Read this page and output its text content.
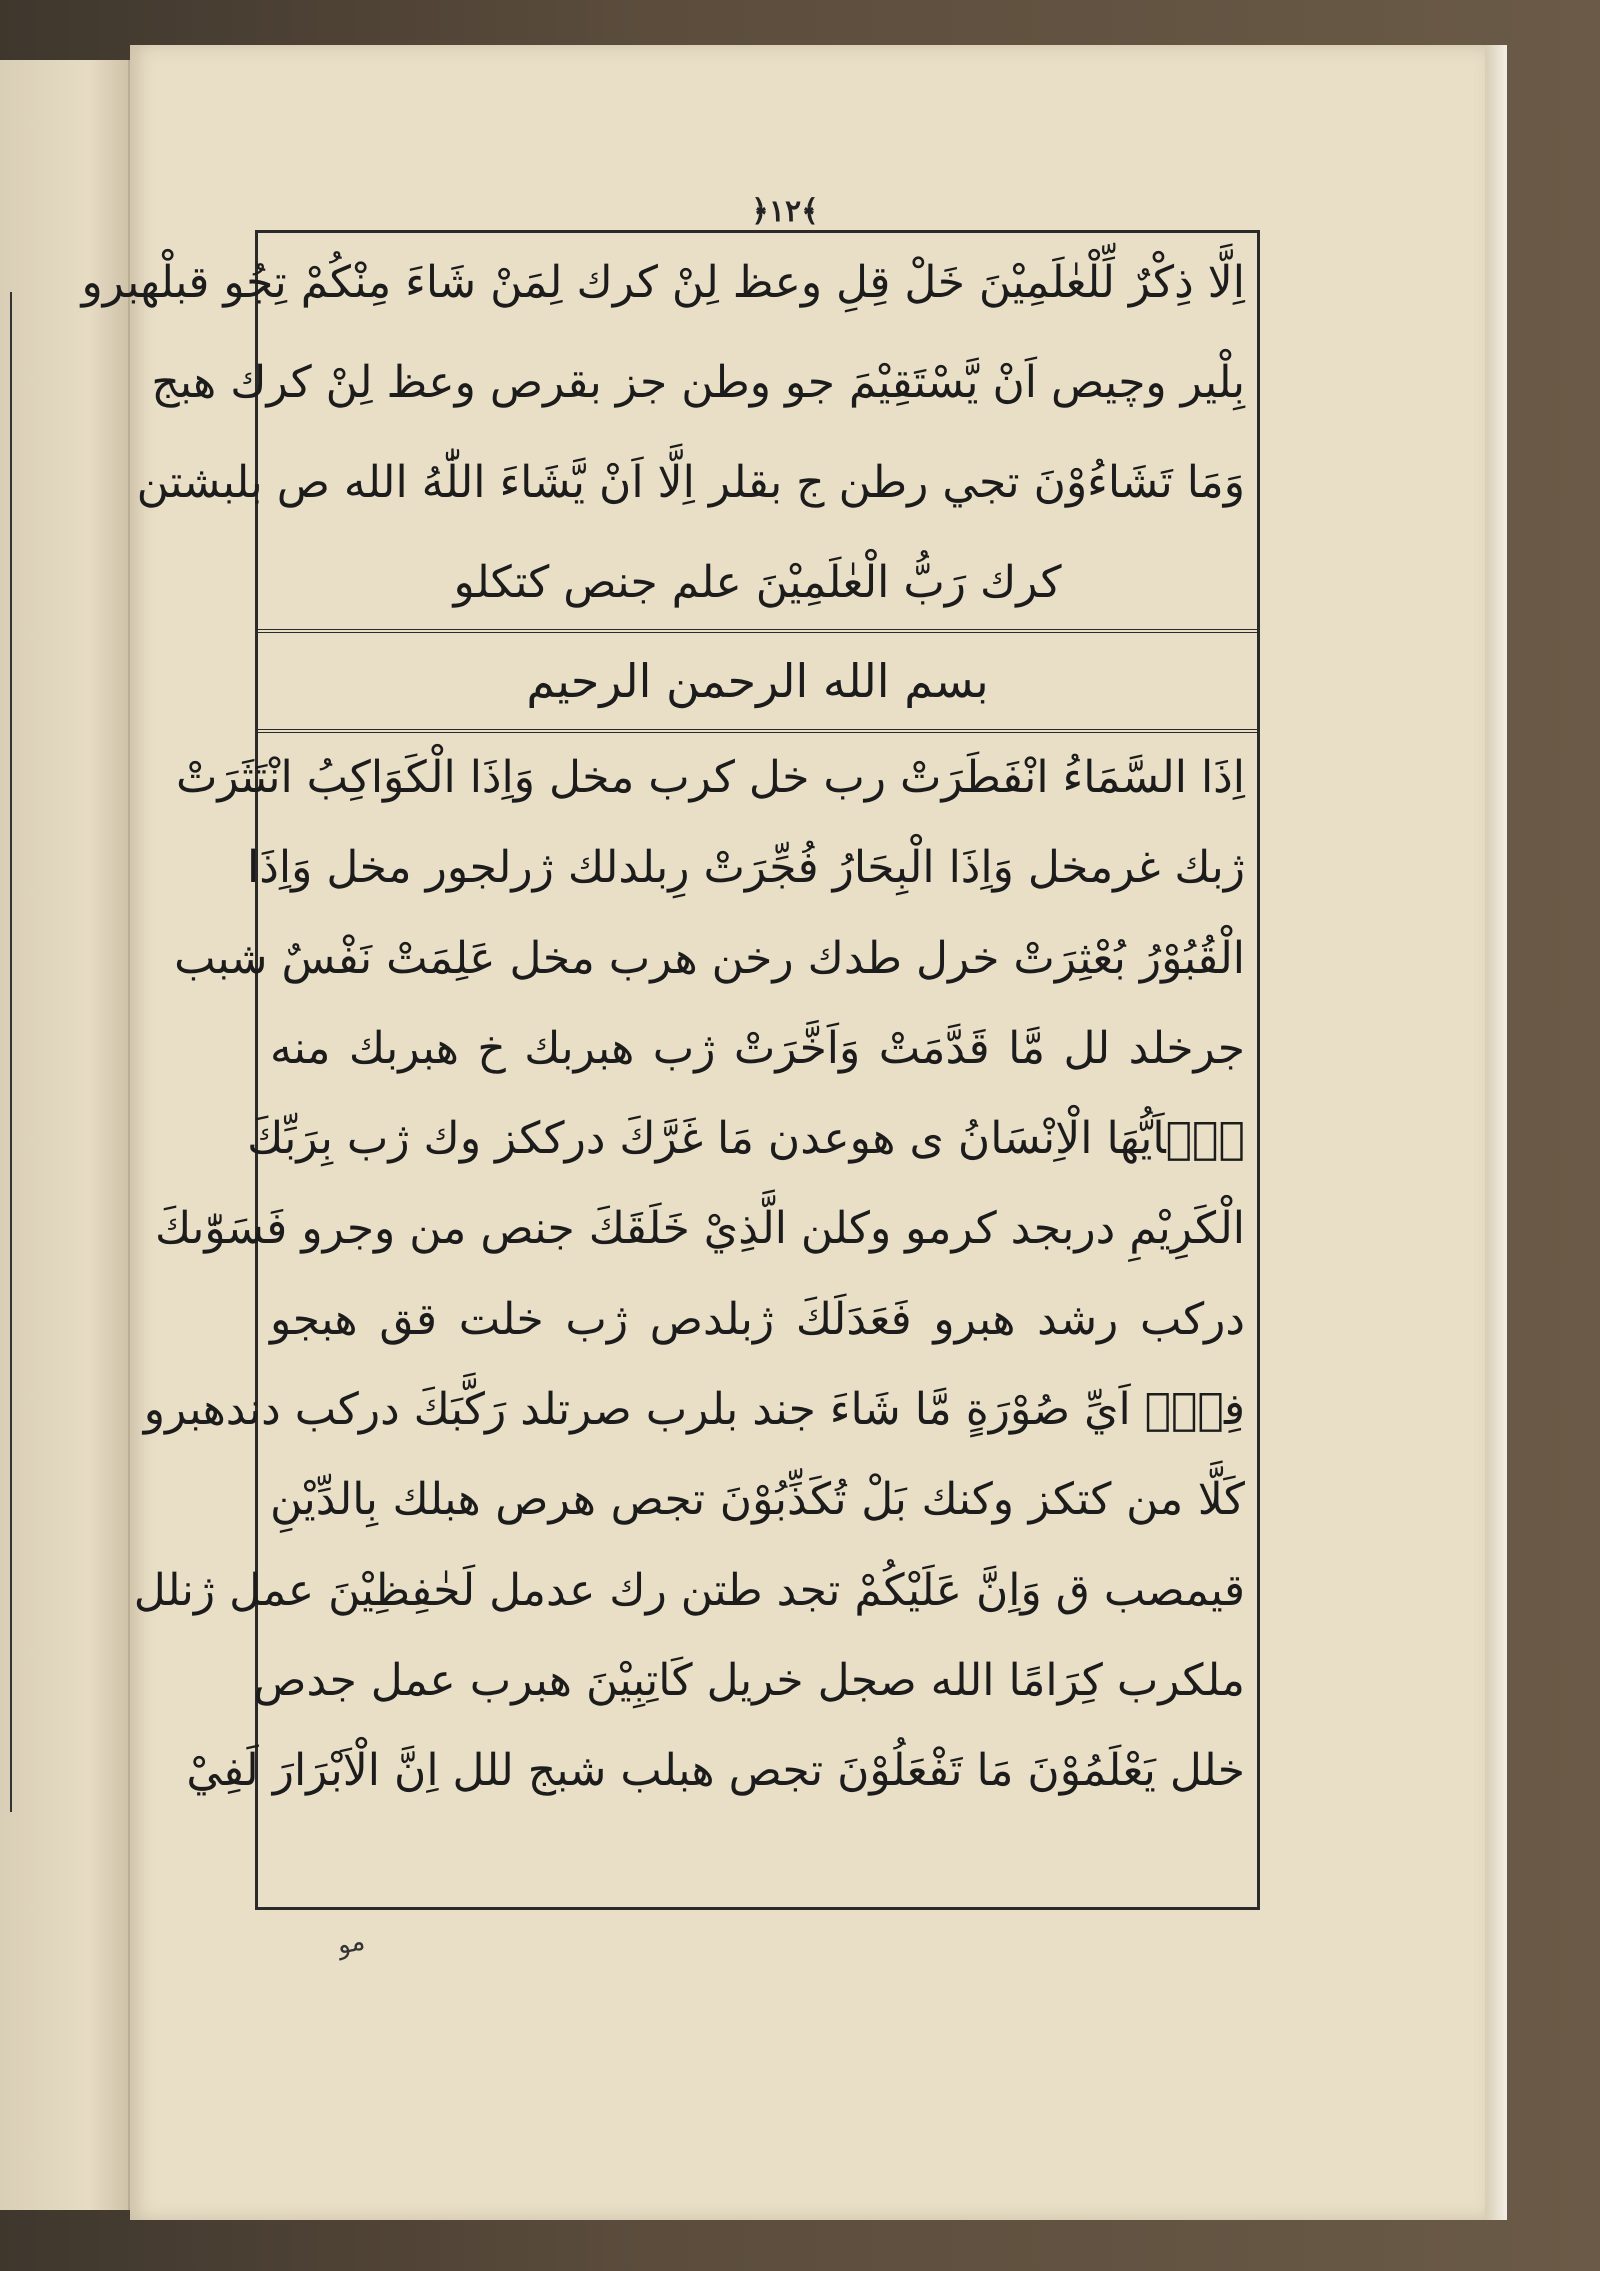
﴿١٢﴾
اِلَّا ذِكْرٌ لِّلْعٰلَمِيْنَ خَلْ قِلِ وعظ لِنْ كرك لِمَنْ شَاءَ مِنْكُمْ تِجُو قبلْهبرو
بِلْير وچيص اَنْ يَّسْتَقِيْمَ جو وطن جز بقرص وعظ لِنْ كرك هبج
وَمَا تَشَاءُوْنَ تجي رطن ج بقلر اِلَّا اَنْ يَّشَاءَ اللّٰهُ الله ص بلبشتن
كرك رَبُّ الْعٰلَمِيْنَ علم جنص كتكلو
بسم الله الرحمن الرحيم
اِذَا السَّمَاءُ انْفَطَرَتْ رب خل كرب مخل وَاِذَا الْكَوَاكِبُ انْتَثَرَتْ
ژبك غرمخل وَاِذَا الْبِحَارُ فُجِّرَتْ رِبلدلك ژرلجور مخل وَاِذَا
الْقُبُوْرُ بُعْثِرَتْ خرل طدك رخن هرب مخل عَلِمَتْ نَفْسٌ شبب
جرخلد لل مَّا قَدَّمَتْ وَاَخَّرَتْ ژب هبربك خ هبربك منه
يٰۤاَيُّهَا الْاِنْسَانُ ى هوعدن مَا غَرَّكَ درككز وك ژب بِرَبِّكَ
الْكَرِيْمِ دربجد كرمو وكلن الَّذِيْ خَلَقَكَ جنص من وجرو فَسَوّٰىكَ
دركب رشد هبرو فَعَدَلَكَ ژبلدص ژب خلت قق هبجو
فِيْۤ اَيِّ صُوْرَةٍ مَّا شَاءَ جند بلرب صرتلد رَكَّبَكَ دركب دندهبرو
كَلَّا من كتكز وكنك بَلْ تُكَذِّبُوْنَ تجص هرص هبلك بِالدِّيْنِ
قيمصب ق وَاِنَّ عَلَيْكُمْ تجد طتن رك عدمل لَحٰفِظِيْنَ عمل ژنلل
ملكرب كِرَامًا الله صجل خريل كَاتِبِيْنَ هبرب عمل جدص
خلل يَعْلَمُوْنَ مَا تَفْعَلُوْنَ تجص هبلب شبج للل اِنَّ الْاَبْرَارَ لَفِيْ
مو
